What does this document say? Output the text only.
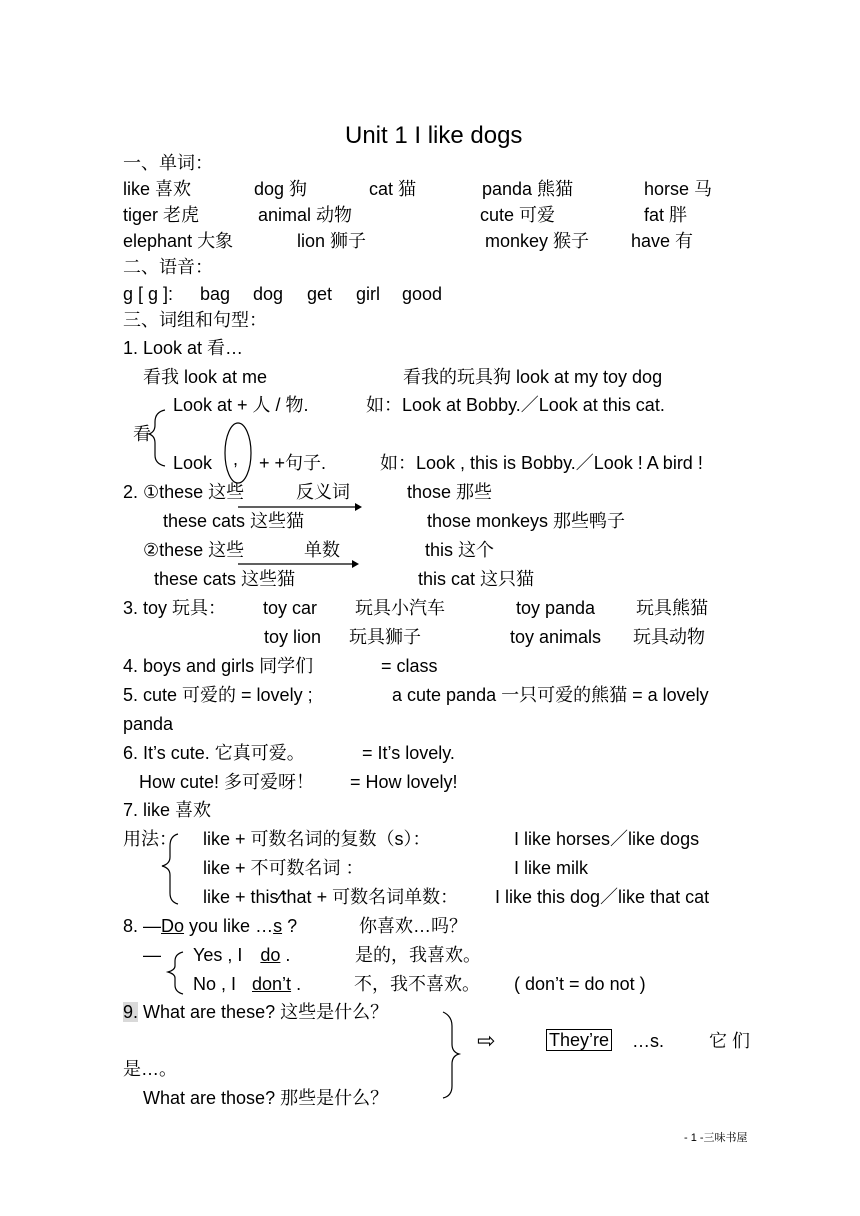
Unit 1 I like dogs
一、单词：
like 喜欢	dog 狗	cat 猫	panda 熊猫	horse 马
tiger 老虎	animal 动物	cute 可爱	fat 胖
elephant 大象	lion 狮子	monkey 猴子 have 有
二、语音：
g [ g ]: bag dog get girl good
三、词组和句型：
1. Look at 看…
看我 look at me	看我的玩具狗 look at my toy dog
Look at + 人 / 物.	如：Look at Bobby.／Look at this cat.
看
Look , + +句子.	如：Look , this is Bobby.／Look ! A bird !
2. ①these 这些	反义词	those 那些
these cats 这些猫	those monkeys 那些鸭子
②these 这些	单数	this 这个
these cats 这些猫	this cat 这只猫
3. toy 玩具： toy car 玩具小汽车	toy panda 玩具熊猫
toy lion 玩具狮子	toy animals 玩具动物
4. boys and girls 同学们	= class
5. cute 可爱的 = lovely ;	a cute panda 一只可爱的熊猫 = a lovely
panda
6. It’s cute. 它真可爱。	= It’s lovely.
How cute! 多可爱呀！ = How lovely!
7. like 喜欢
用法： like + 可数名词的复数（s）：	I like horses／like dogs
like + 不可数名词 ：	I like milk
like + this∕that + 可数名词单数： I like this dog／like that cat
8. —Do you like …s ?	你喜欢…吗？
— Yes , I do .	是的，我喜欢。
No , I don’t .	不，我不喜欢。 ( don’t = do not )
9. What are these? 这些是什么？
⇨	They’re …s. 它 们
是…。
What are those? 那些是什么？
- 1 -三味书屋
